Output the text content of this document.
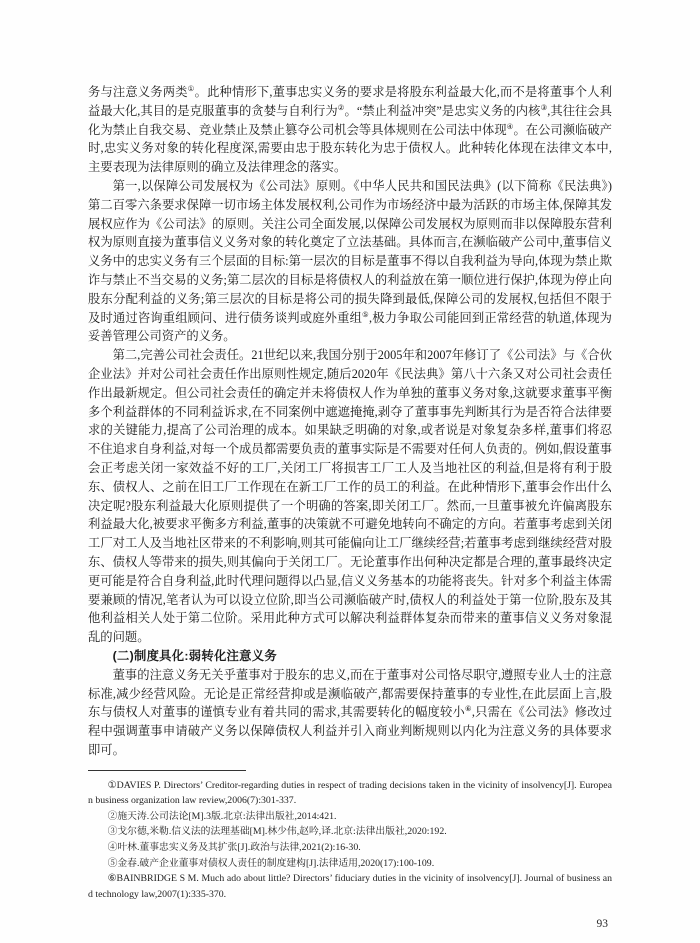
务与注意义务两类①。此种情形下,董事忠实义务的要求是将股东利益最大化,而不是将董事个人利益最大化,其目的是克服董事的贪婪与自利行为②。“禁止利益冲突”是忠实义务的内核③,其往往会具化为禁止自我交易、竞业禁止及禁止篡夺公司机会等具体规则在公司法中体现④。在公司濒临破产时,忠实义务对象的转化程度深,需要由忠于股东转化为忠于债权人。此种转化体现在法律文本中,主要表现为法律原则的确立及法律理念的落实。

第一,以保障公司发展权为《公司法》原则。《中华人民共和国民法典》(以下简称《民法典》)第二百零六条要求保障一切市场主体发展权利,公司作为市场经济中最为活跃的市场主体,保障其发展权应作为《公司法》的原则。关注公司全面发展,以保障公司发展权为原则而非以保障股东营利权为原则直接为董事信义义务对象的转化奠定了立法基础。具体而言,在濒临破产公司中,董事信义义务中的忠实义务有三个层面的目标:第一层次的目标是董事不得以自我利益为导向,体现为禁止欺诈与禁止不当交易的义务;第二层次的目标是将债权人的利益放在第一顺位进行保护,体现为停止向股东分配利益的义务;第三层次的目标是将公司的损失降到最低,保障公司的发展权,包括但不限于及时通过咨询重组顾问、进行债务谈判或庭外重组⑤,极力争取公司能回到正常经营的轨道,体现为妥善管理公司资产的义务。

第二,完善公司社会责任。21世纪以来,我国分别于2005年和2007年修订了《公司法》与《合伙企业法》并对公司社会责任作出原则性规定,随后2020年《民法典》第八十六条又对公司社会责任作出最新规定。但公司社会责任的确定并未将债权人作为单独的董事义务对象,这就要求董事平衡多个利益群体的不同利益诉求,在不同案例中遮遮掩掩,剥夺了董事事先判断其行为是否符合法律要求的关键能力,提高了公司治理的成本。如果缺乏明确的对象,或者说是对象复杂多样,董事们将忍不住追求自身利益,对每一个成员都需要负责的董事实际是不需要对任何人负责的。例如,假设董事会正考虑关闭一家效益不好的工厂,关闭工厂将损害工厂工人及当地社区的利益,但是将有利于股东、债权人、之前在旧工厂工作现在在新工厂工作的员工的利益。在此种情形下,董事会作出什么决定呢?股东利益最大化原则提供了一个明确的答案,即关闭工厂。然而,一旦董事被允许偏离股东利益最大化,被要求平衡多方利益,董事的决策就不可避免地转向不确定的方向。若董事考虑到关闭工厂对工人及当地社区带来的不利影响,则其可能偏向让工厂继续经营;若董事考虑到继续经营对股东、债权人等带来的损失,则其偏向于关闭工厂。无论董事作出何种决定都是合理的,董事最终决定更可能是符合自身利益,此时代理问题得以凸显,信义义务基本的功能将丧失。针对多个利益主体需要兼顾的情况,笔者认为可以设立位阶,即当公司濒临破产时,债权人的利益处于第一位阶,股东及其他利益相关人处于第二位阶。采用此种方式可以解决利益群体复杂而带来的董事信义义务对象混乱的问题。

(二)制度具化:弱转化注意义务

董事的注意义务无关乎董事对于股东的忠义,而在于董事对公司恪尽职守,遵照专业人士的注意标准,减少经营风险。无论是正常经营抑或是濒临破产,都需要保持董事的专业性,在此层面上言,股东与债权人对董事的谨慎专业有着共同的需求,其需要转化的幅度较小⑥,只需在《公司法》修改过程中强调董事申请破产义务以保障债权人利益并引入商业判断规则以内化为注意义务的具体要求即可。

①DAVIES P. Directors’ Creditor-regarding duties in respect of trading decisions taken in the vicinity of insolvency[J]. European business organization law review,2006(7):301-337.

②施天涛.公司法论[M].3版.北京:法律出版社,2014:421.

③戈尔德,米勒.信义法的法理基础[M].林少伟,赵吟,译.北京:法律出版社,2020:192.

④叶林.董事忠实义务及其扩张[J].政治与法律,2021(2):16-30.

⑤金春.破产企业董事对债权人责任的制度建构[J].法律适用,2020(17):100-109.

⑥BAINBRIDGE S M. Much ado about little? Directors’ fiduciary duties in the vicinity of insolvency[J]. Journal of business and technology law,2007(1):335-370.

93
